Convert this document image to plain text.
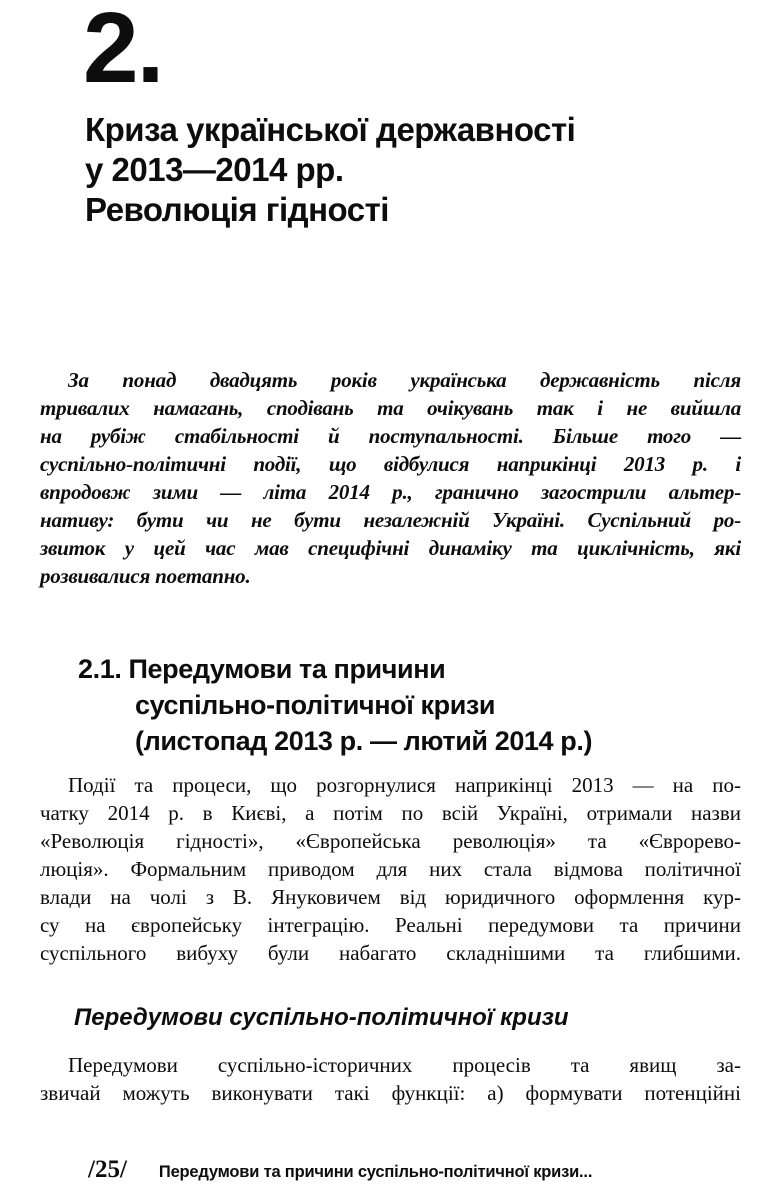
2.
Криза української державності
у 2013—2014 рр.
Революція гідності
За понад двадцять років українська державність після
тривалих намагань, сподівань та очікувань так і не вийшла
на рубіж стабільності й поступальності. Більше того —
суспільно-політичні події, що відбулися наприкінці 2013 р. і
впродовж зими — літа 2014 р., гранично загострили альтер-
нативу: бути чи не бути незалежній Україні. Суспільний ро-
звиток у цей час мав специфічні динаміку та циклічність, які
розвивалися поетапно.
2.1. Передумови та причини
суспільно-політичної кризи
(листопад 2013 р. — лютий 2014 р.)
Події та процеси, що розгорнулися наприкінці 2013 — на по-
чатку 2014 р. в Києві, а потім по всій Україні, отримали назви
«Революція гідності», «Європейська революція» та «Єврорево-
люція». Формальним приводом для них стала відмова політичної
влади на чолі з В. Януковичем від юридичного оформлення кур-
су на європейську інтеграцію. Реальні передумови та причини
суспільного вибуху були набагато складнішими та глибшими.
Передумови суспільно-політичної кризи
Передумови суспільно-історичних процесів та явищ за-
звичай можуть виконувати такі функції: а) формувати потенційні
/25/ Передумови та причини суспільно-політичної кризи...
